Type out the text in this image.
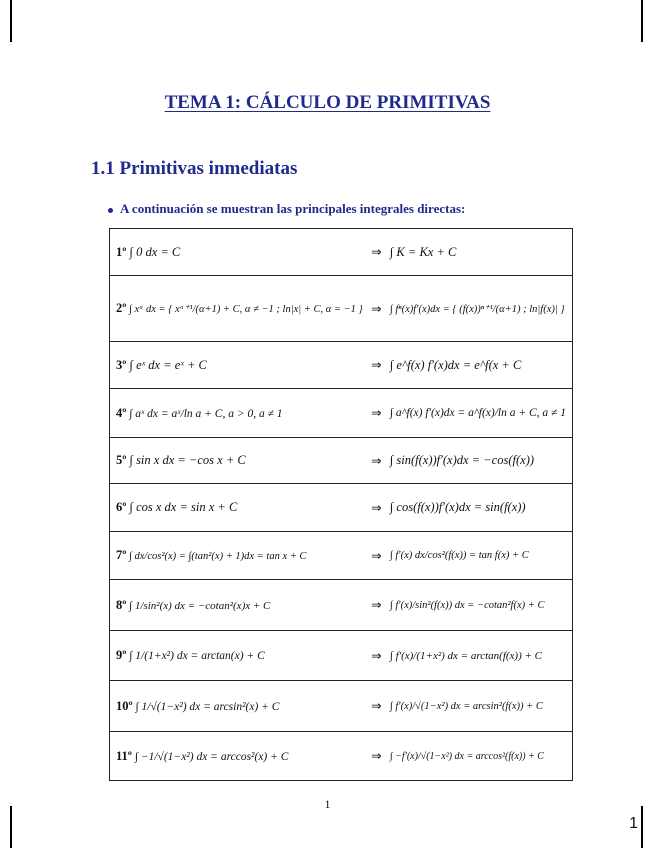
TEMA 1: CÁLCULO DE PRIMITIVAS
1.1 Primitivas inmediatas
A continuación se muestran las principales integrales directas:
1º ∫ 0 dx = C	⇒	∫ K = Kx + C
2º ∫ xᵅ dx = { xᵅ⁺¹/(α+1) + C, α ≠ −1 ; ln|x| + C, α = −1 }	⇒	∫ fⁿ(x)f′(x)dx = { (f(x))ⁿ⁺¹/(α+1) ; ln|f(x)| }
3º ∫ eˣ dx = eˣ + C	⇒	∫ e^f(x) f′(x)dx = e^f(x + C
4º ∫ aˣ dx = aˣ/ln a + C, a > 0, a ≠ 1	⇒	∫ a^f(x) f′(x)dx = a^f(x)/ln a + C, a ≠ 1
5º ∫ sin x dx = −cos x + C	⇒	∫ sin(f(x))f′(x)dx = −cos(f(x))
6º ∫ cos x dx = sin x + C	⇒	∫ cos(f(x))f′(x)dx = sin(f(x))
7º ∫ dx/cos²(x) = ∫(tan²(x) + 1)dx = tan x + C	⇒	∫ f′(x) dx/cos²(f(x)) = tan f(x) + C
8º ∫ 1/sin²(x) dx = −cotan²(x)x + C	⇒	∫ f′(x)/sin²(f(x)) dx = −cotan²f(x) + C
9º ∫ 1/(1+x²) dx = arctan(x) + C	⇒	∫ f′(x)/(1+x²) dx = arctan(f(x)) + C
10º ∫ 1/√(1−x²) dx = arcsin²(x) + C	⇒	∫ f′(x)/√(1−x²) dx = arcsin²(f(x)) + C
11º ∫ −1/√(1−x²) dx = arccos²(x) + C	⇒	∫ −f′(x)/√(1−x²) dx = arccos²(f(x)) + C
1
1
